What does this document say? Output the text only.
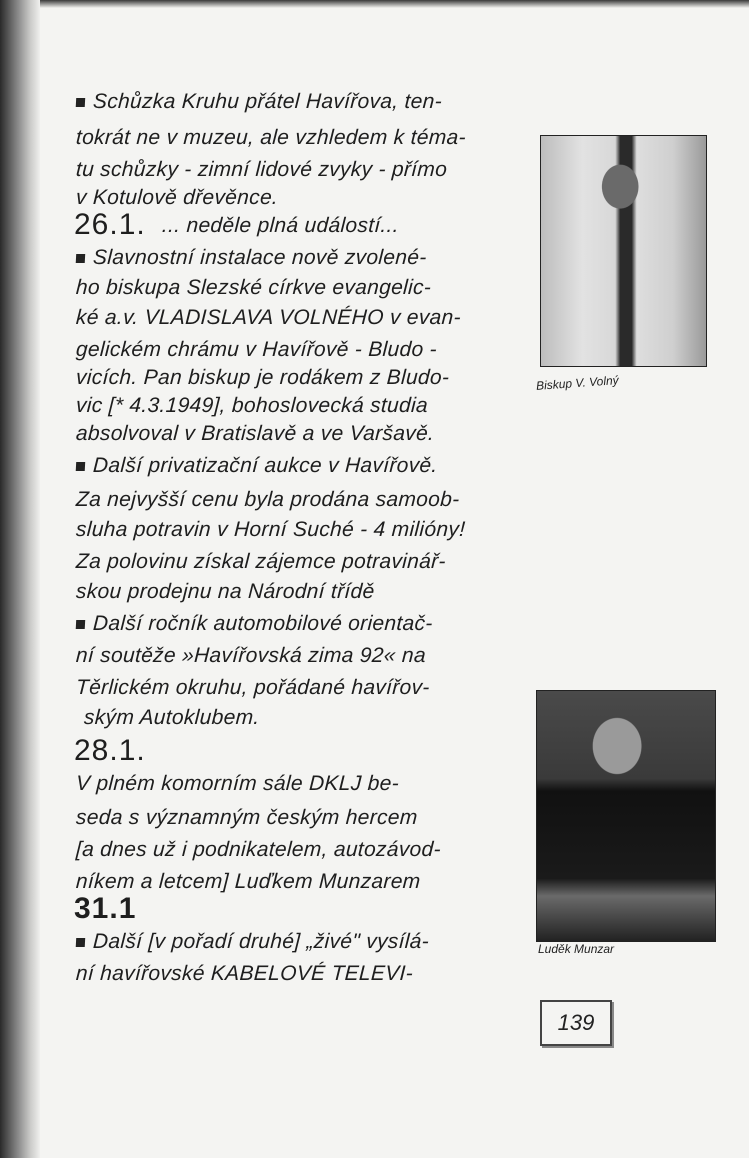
Schůzka Kruhu přátel Havířova, ten-
tokrát ne v muzeu, ale vzhledem k téma-
tu schůzky - zimní lidové zvyky - přímo
v Kotulově dřevěnce.
26.1. ... neděle plná událostí...
Slavnostní instalace nově zvolené-
ho biskupa Slezské církve evangelic-
ké a.v. VLADISLAVA VOLNÉHO v evan-
gelickém chrámu v Havířově - Bludo -
vicích. Pan biskup je rodákem z Bludo-
vic [* 4.3.1949], bohoslovecká studia
absolvoval v Bratislavě a ve Varšavě.
Další privatizační aukce v Havířově.
Za nejvyšší cenu byla prodána samoob-
sluha potravin v Horní Suché - 4 milióny!
Za polovinu získal zájemce potravinář-
skou prodejnu na Národní třídě
Další ročník automobilové orientač-
ní soutěže »Havířovská zima 92« na
Těrlickém okruhu, pořádané havířov-
ským Autoklubem.
28.1.
V plném komorním sále DKLJ be-
seda s významným českým hercem
[a dnes už i podnikatelem, autozávod-
níkem a letcem] Luďkem Munzarem
31.1
Další [v pořadí druhé] „živé" vysílá-
ní havířovské KABELOVÉ TELEVI-
Biskup V. Volný
Luděk Munzar
139
